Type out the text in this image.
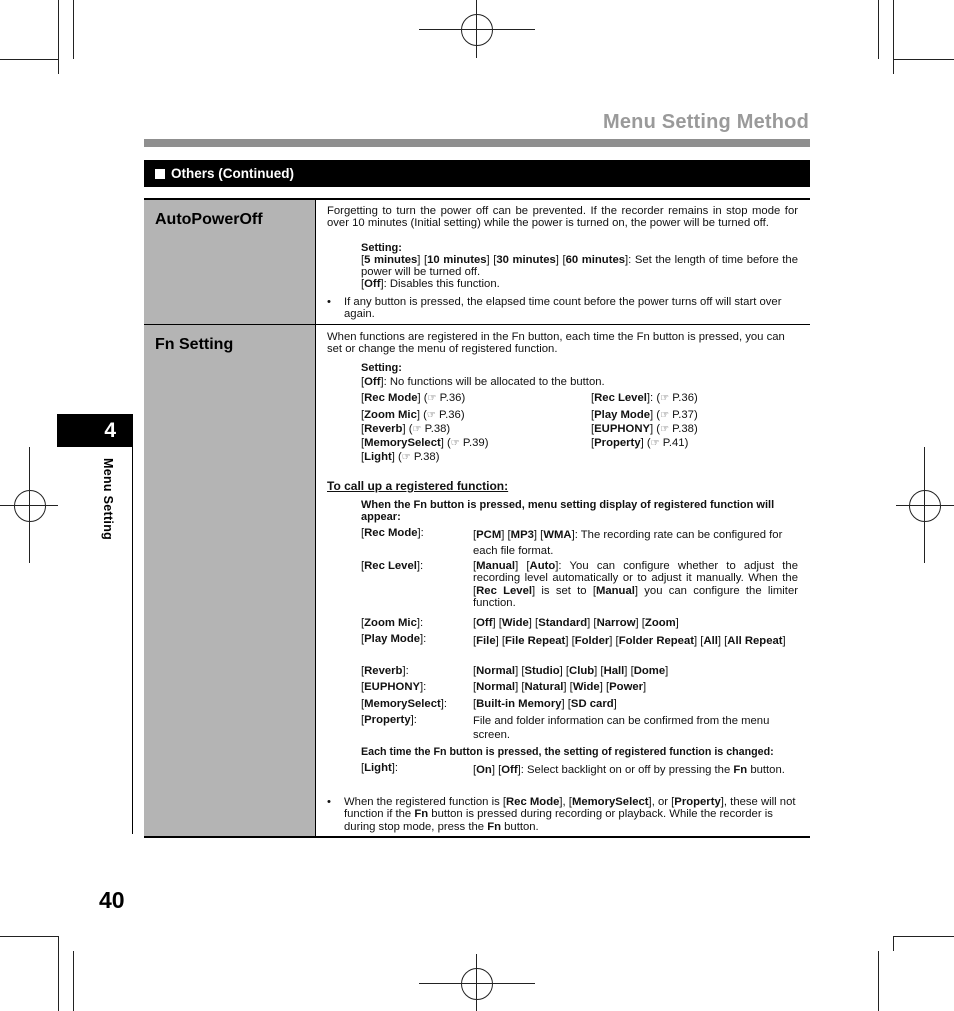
Menu Setting Method
Others (Continued)
4
Menu Setting
AutoPowerOff	Forgetting to turn the power off can be prevented. If the recorder remains in stop mode for over 10 minutes (Initial setting) while the power is turned on, the power will be turned off.
Setting:
[5 minutes] [10 minutes] [30 minutes] [60 minutes]: Set the length of time before the power will be turned off.
[Off]: Disables this function.
• If any button is pressed, the elapsed time count before the power turns off will start over again.
Fn Setting	When functions are registered in the Fn button, each time the Fn button is pressed, you can set or change the menu of registered function.
Setting:
[Off]: No functions will be allocated to the button.
[Rec Mode] (☞ P.36)	[Rec Level]: (☞ P.36)
[Zoom Mic] (☞ P.36)	[Play Mode] (☞ P.37)
[Reverb] (☞ P.38)	[EUPHONY] (☞ P.38)
[MemorySelect] (☞ P.39)	[Property] (☞ P.41)
[Light] (☞ P.38)
To call up a registered function:
When the Fn button is pressed, menu setting display of registered function will appear:
[Rec Mode]:	[PCM] [MP3] [WMA]: The recording rate can be configured for each file format.
[Rec Level]:	[Manual] [Auto]: You can configure whether to adjust the recording level automatically or to adjust it manually. When the [Rec Level] is set to [Manual] you can configure the limiter function.
[Zoom Mic]:	[Off] [Wide] [Standard] [Narrow] [Zoom]
[Play Mode]:	[File] [File Repeat] [Folder] [Folder Repeat] [All] [All Repeat]
[Reverb]:	[Normal] [Studio] [Club] [Hall] [Dome]
[EUPHONY]:	[Normal] [Natural] [Wide] [Power]
[MemorySelect]: [Built-in Memory] [SD card]
[Property]:	File and folder information can be confirmed from the menu screen.
Each time the Fn button is pressed, the setting of registered function is changed:
[Light]:	[On] [Off]: Select backlight on or off by pressing the Fn button.
• When the registered function is [Rec Mode], [MemorySelect], or [Property], these will not function if the Fn button is pressed during recording or playback. While the recorder is during stop mode, press the Fn button.
40
